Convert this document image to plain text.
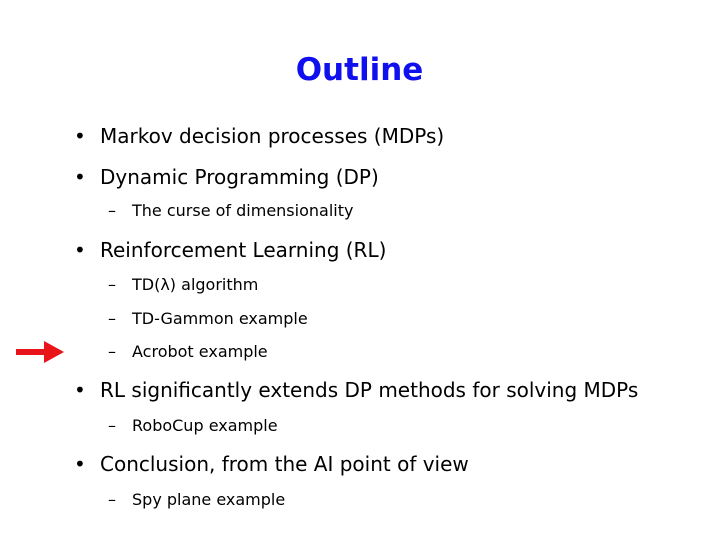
Outline
• Markov decision processes (MDPs)
• Dynamic Programming (DP)
– The curse of dimensionality
• Reinforcement Learning (RL)
– TD(λ) algorithm
– TD-Gammon example
– Acrobot example
• RL significantly extends DP methods for solving MDPs
– RoboCup example
• Conclusion, from the AI point of view
– Spy plane example
